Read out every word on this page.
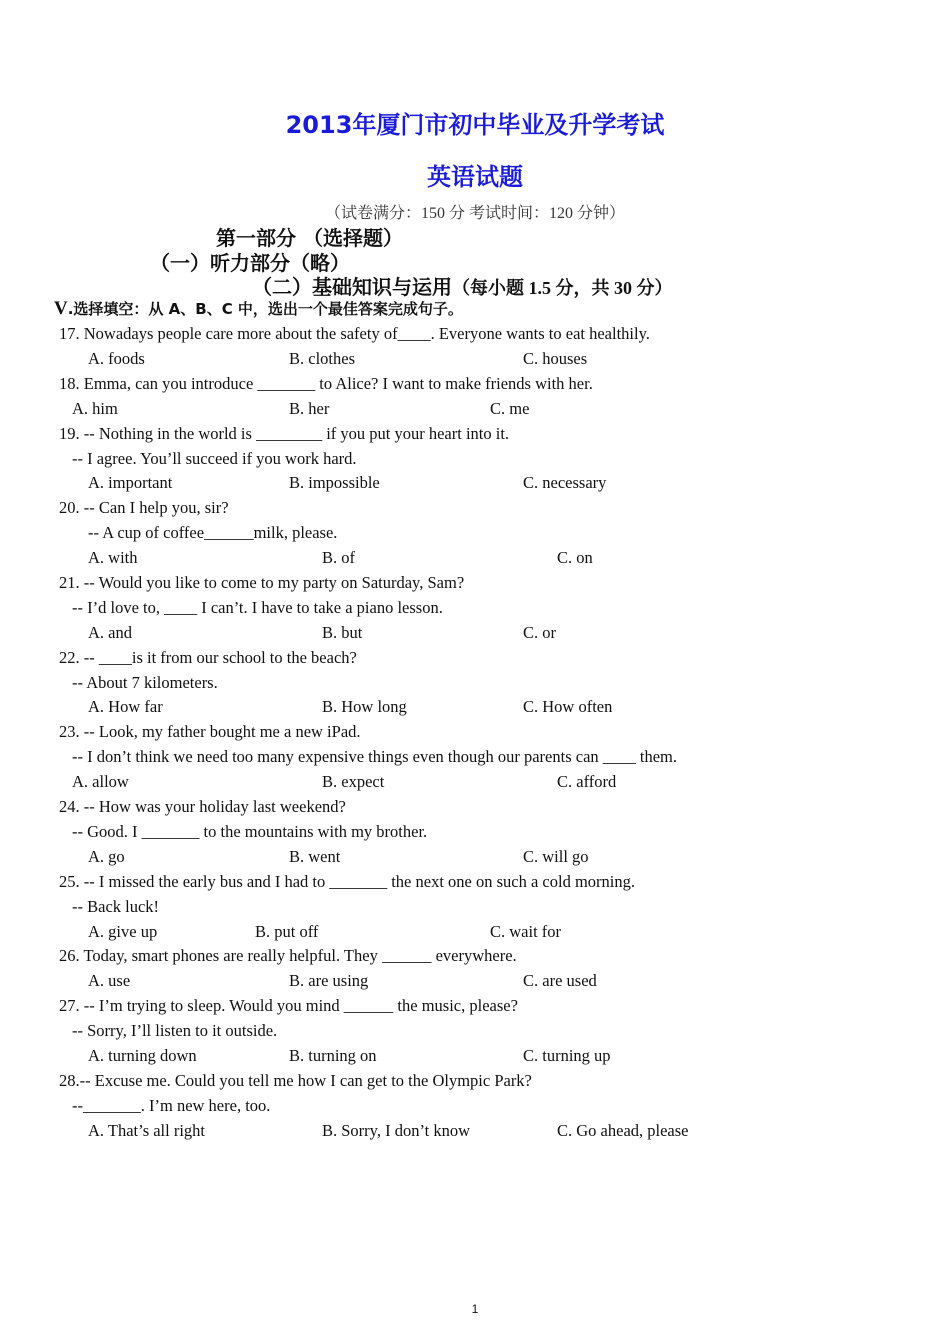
2013年厦门市初中毕业及升学考试
英语试题
（试卷满分：150 分 考试时间：120 分钟）
第一部分 （选择题）
（一）听力部分（略）
（二）基础知识与运用（每小题 1.5 分，共 30 分）
V.选择填空：从 A、B、C 中，选出一个最佳答案完成句子。
17. Nowadays people care more about the safety of____. Everyone wants to eat healthily.
A. foods	B. clothes	C. houses
18. Emma, can you introduce _______ to Alice? I want to make friends with her.
A. him	B. her	C. me
19. -- Nothing in the world is ________ if you put your heart into it.
-- I agree. You’ll succeed if you work hard.
A. important	B. impossible	C. necessary
20. -- Can I help you, sir?
-- A cup of coffee______milk, please.
A. with	B. of	C. on
21. -- Would you like to come to my party on Saturday, Sam?
-- I’d love to, ____ I can’t. I have to take a piano lesson.
A. and	B. but	C. or
22. -- ____is it from our school to the beach?
-- About 7 kilometers.
A. How far	B. How long	C. How often
23. -- Look, my father bought me a new iPad.
-- I don’t think we need too many expensive things even though our parents can ____ them.
A. allow	B. expect	C. afford
24. -- How was your holiday last weekend?
-- Good. I _______ to the mountains with my brother.
A. go	B. went	C. will go
25. -- I missed the early bus and I had to _______ the next one on such a cold morning.
-- Back luck!
A. give up	B. put off	C. wait for
26. Today, smart phones are really helpful. They ______ everywhere.
A. use	B. are using	C. are used
27. -- I’m trying to sleep. Would you mind ______ the music, please?
-- Sorry, I’ll listen to it outside.
A. turning down	B. turning on	C. turning up
28.-- Excuse me. Could you tell me how I can get to the Olympic Park?
--_______. I’m new here, too.
A. That’s all right	B. Sorry, I don’t know	C. Go ahead, please
1
